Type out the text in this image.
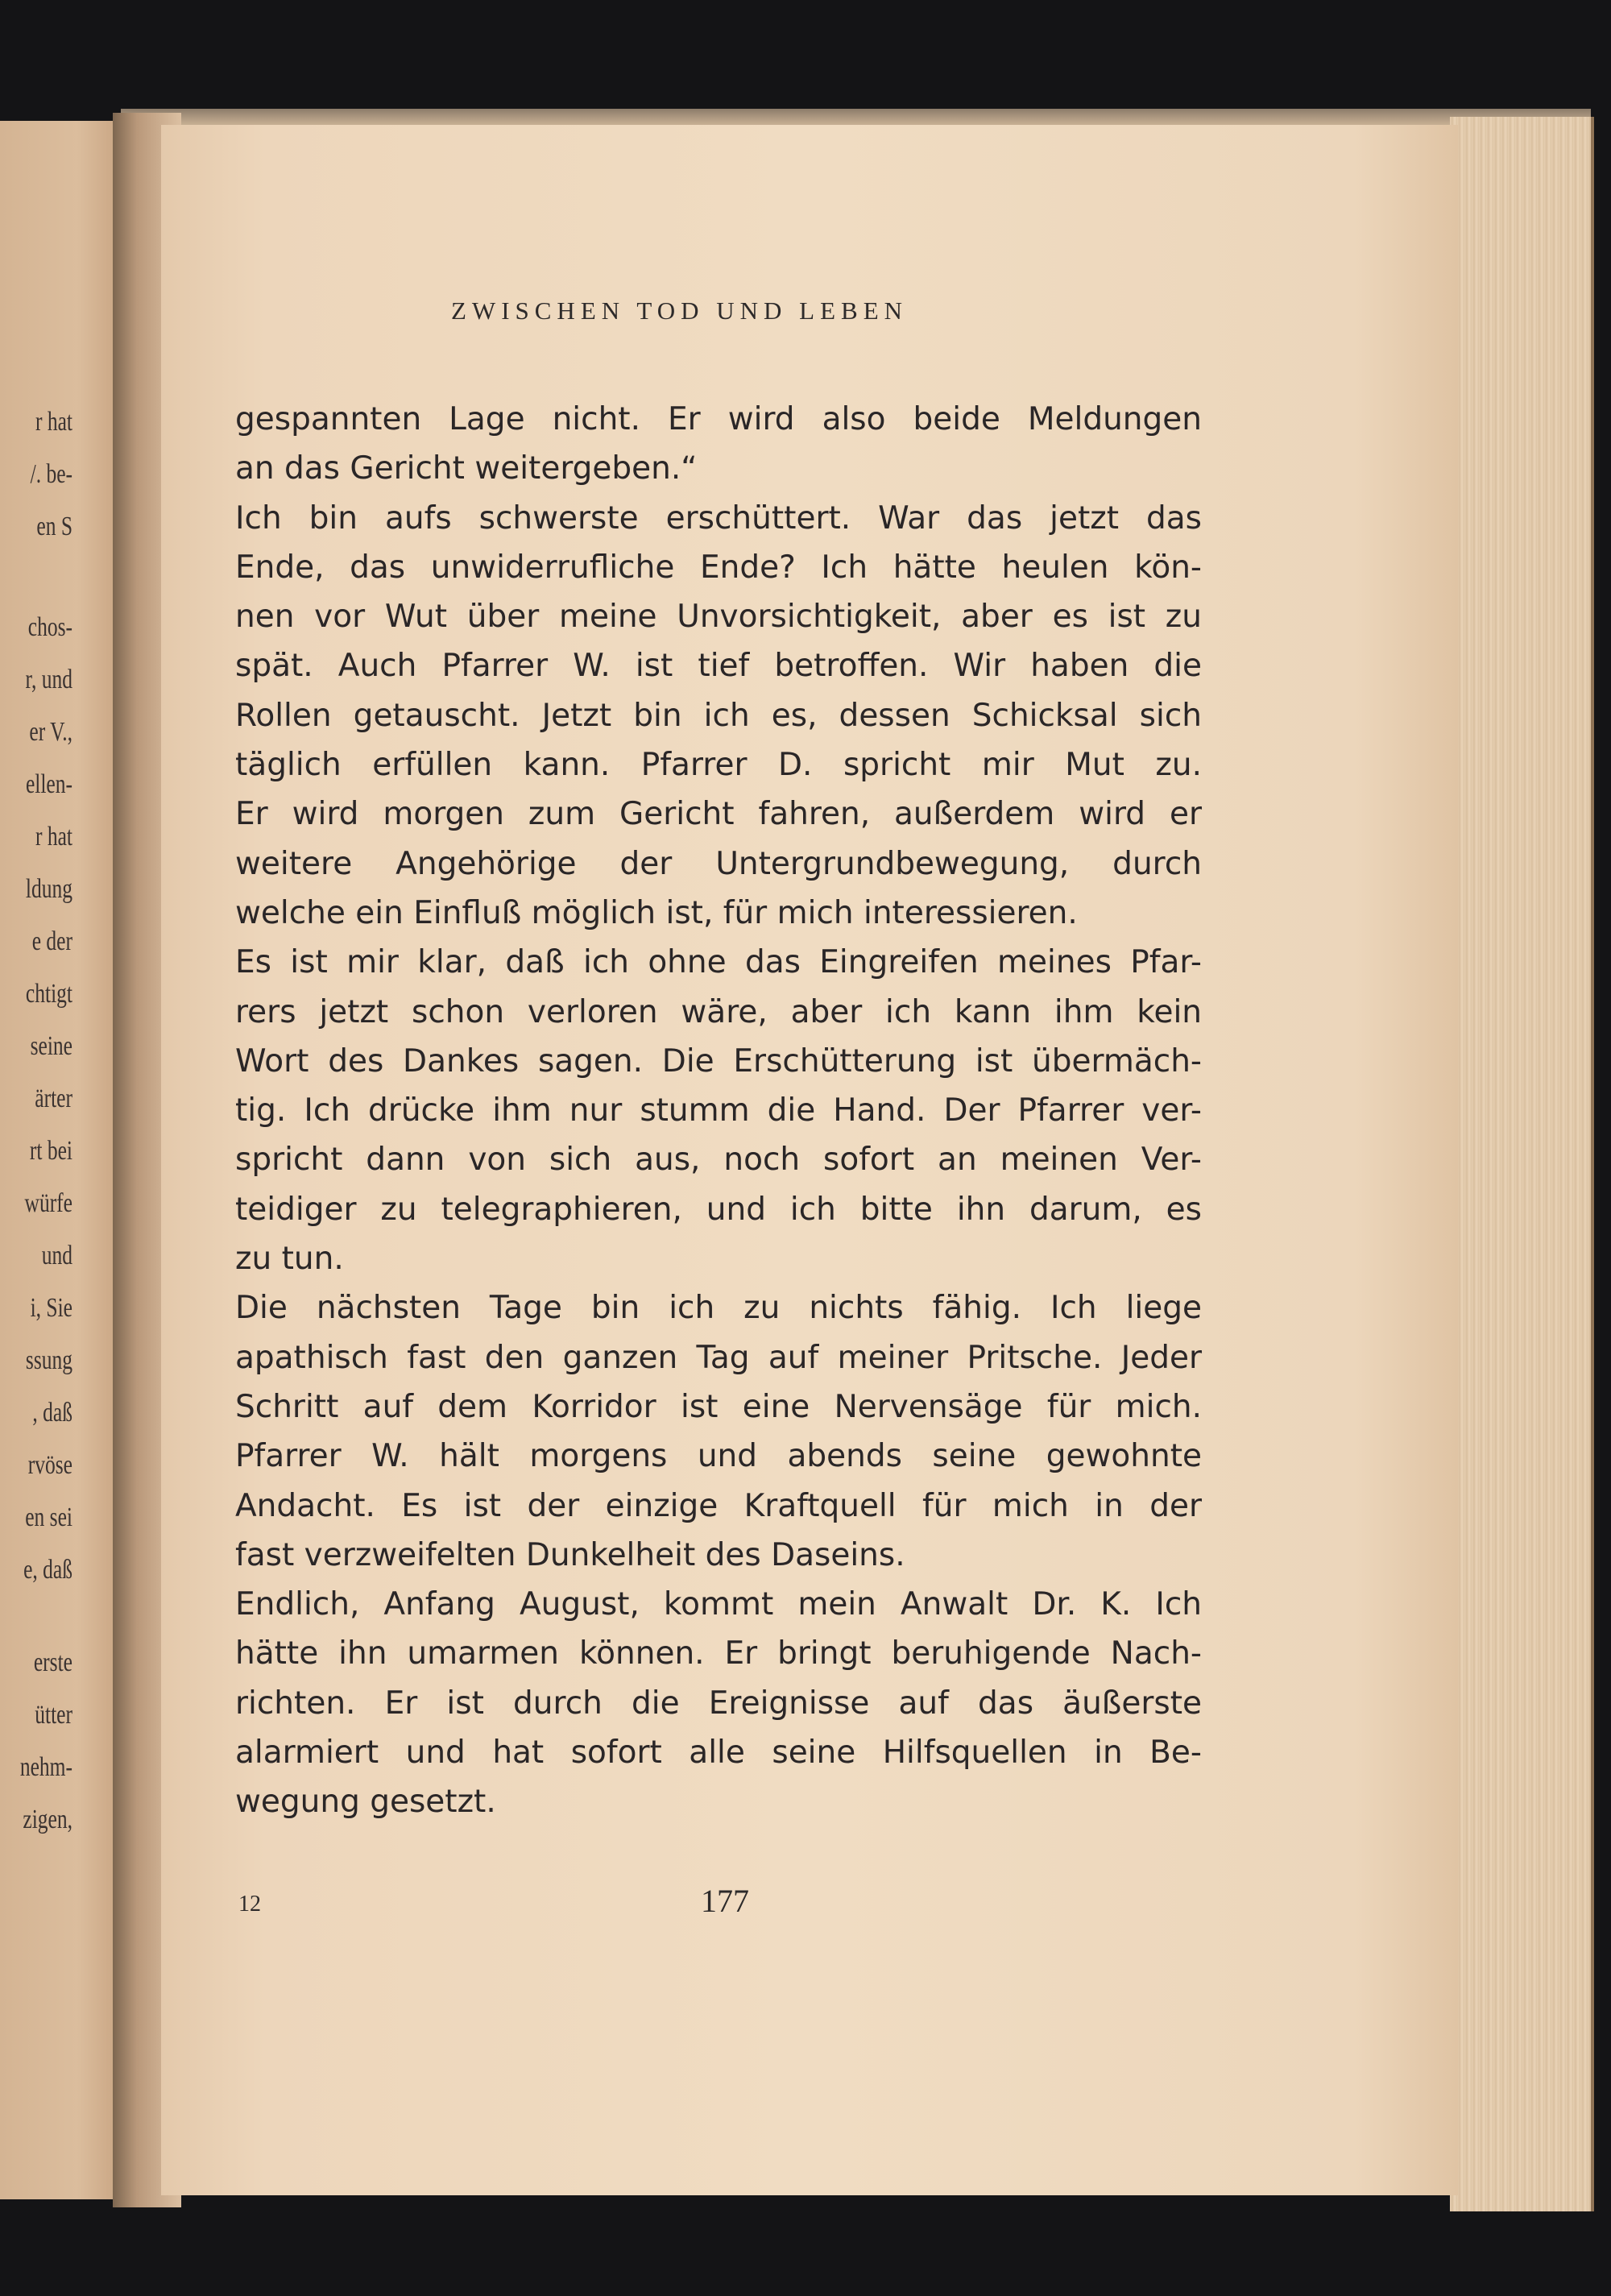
r hat
/. be-
en S
chos-
r, und
er V.,
ellen-
r hat
ldung
e der
chtigt
seine
ärter
rt bei
würfe
und
i, Sie
ssung
, daß
rvöse
en sei
e, daß
erste
ütter
nehm-
zigen,
ZWISCHEN TOD UND LEBEN
gespannten Lage nicht. Er wird also beide Meldungen
an das Gericht weitergeben.“
Ich bin aufs schwerste erschüttert. War das jetzt das
Ende, das unwiderrufliche Ende? Ich hätte heulen kön-
nen vor Wut über meine Unvorsichtigkeit, aber es ist zu
spät. Auch Pfarrer W. ist tief betroffen. Wir haben die
Rollen getauscht. Jetzt bin ich es, dessen Schicksal sich
täglich erfüllen kann. Pfarrer D. spricht mir Mut zu.
Er wird morgen zum Gericht fahren, außerdem wird er
weitere Angehörige der Untergrundbewegung, durch
welche ein Einfluß möglich ist, für mich interessieren.
Es ist mir klar, daß ich ohne das Eingreifen meines Pfar-
rers jetzt schon verloren wäre, aber ich kann ihm kein
Wort des Dankes sagen. Die Erschütterung ist übermäch-
tig. Ich drücke ihm nur stumm die Hand. Der Pfarrer ver-
spricht dann von sich aus, noch sofort an meinen Ver-
teidiger zu telegraphieren, und ich bitte ihn darum, es
zu tun.
Die nächsten Tage bin ich zu nichts fähig. Ich liege
apathisch fast den ganzen Tag auf meiner Pritsche. Jeder
Schritt auf dem Korridor ist eine Nervensäge für mich.
Pfarrer W. hält morgens und abends seine gewohnte
Andacht. Es ist der einzige Kraftquell für mich in der
fast verzweifelten Dunkelheit des Daseins.
Endlich, Anfang August, kommt mein Anwalt Dr. K. Ich
hätte ihn umarmen können. Er bringt beruhigende Nach-
richten. Er ist durch die Ereignisse auf das äußerste
alarmiert und hat sofort alle seine Hilfsquellen in Be-
wegung gesetzt.
12	177
